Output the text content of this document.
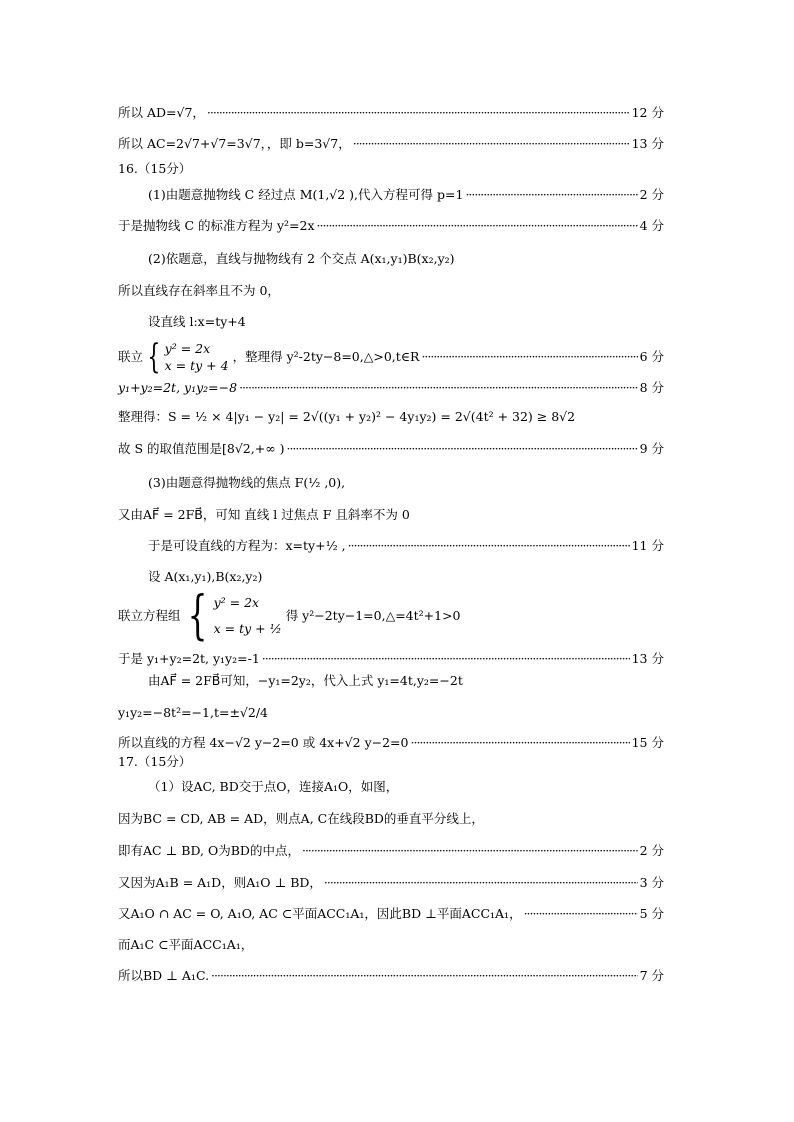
所以 AD=√7， ·····	12 分
所以 AC=2√7+√7=3√7，，即 b=3√7， ·····	13 分
16.（15分）
(1)由题意抛物线 C 经过点 M(1,√2 ),代入方程可得 p=1 ·····	2 分
于是抛物线 C 的标准方程为 y²=2x ·····	4 分
(2)依题意，直线与抛物线有 2 个交点 A(x₁,y₁)B(x₂,y₂)
所以直线存在斜率且不为 0，
设直线 l:x=ty+4
联立 { y² = 2x
x = ty + 4
，整理得 y²-2ty−8=0,△>0,t∈R ·····	6 分
y₁+y₂=2t, y₁y₂=−8 ·····	8 分
整理得：S = ½ × 4|y₁ − y₂| = 2√((y₁ + y₂)² − 4y₁y₂) = 2√(4t² + 32) ≥ 8√2
故 S 的取值范围是[8√2,+∞ ) ·····	9 分
(3)由题意得抛物线的焦点 F(½ ,0),
又由AF⃗ = 2FB⃗，可知 直线 l 过焦点 F 且斜率不为 0
于是可设直线的方程为：x=ty+½ , ·····	11 分
设 A(x₁,y₁),B(x₂,y₂)
联立方程组 { y² = 2x
x = ty + ½
得 y²−2ty−1=0,△=4t²+1>0
于是 y₁+y₂=2t, y₁y₂=-1 ·····	13 分
由AF⃗ = 2FB⃗可知，−y₁=2y₂，代入上式 y₁=4t,y₂=−2t
y₁y₂=−8t²=−1,t=±√2/4
所以直线的方程 4x−√2 y−2=0 或 4x+√2 y−2=0 ·····	15 分
17.（15分）
（1）设AC, BD交于点O，连接A₁O，如图，
因为BC = CD, AB = AD，则点A, C在线段BD的垂直平分线上，
即有AC ⊥ BD, O为BD的中点， ·····	2 分
又因为A₁B = A₁D，则A₁O ⊥ BD， ·····	3 分
又A₁O ∩ AC = O, A₁O, AC ⊂平面ACC₁A₁，因此BD ⊥平面ACC₁A₁， ·····	5 分
而A₁C ⊂平面ACC₁A₁，
所以BD ⊥ A₁C. ·····	7 分
